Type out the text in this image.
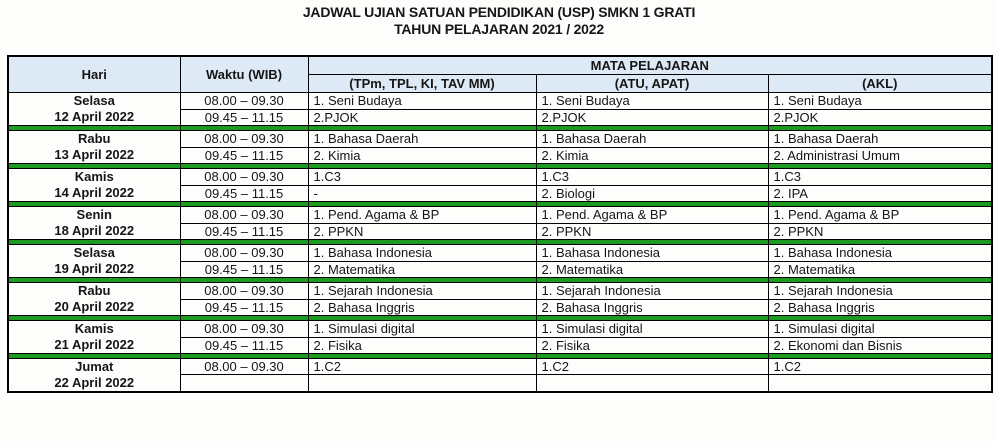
JADWAL UJIAN SATUAN PENDIDIKAN (USP) SMKN 1 GRATI
TAHUN PELAJARAN 2021 / 2022
Hari	Waktu (WIB)	MATA PELAJARAN		
		(TPm, TPL, KI, TAV MM)	(ATU, APAT)	(AKL)

Selasa
12 April 2022	08.00 – 09.30	1. Seni Budaya	1. Seni Budaya	1. Seni Budaya
	09.45 – 11.15	2.PJOK	2.PJOK	2.PJOK

Rabu
13 April 2022	08.00 – 09.30	1. Bahasa Daerah	1. Bahasa Daerah	1. Bahasa Daerah
	09.45 – 11.15	2. Kimia	2. Kimia	2. Administrasi Umum

Kamis
14 April 2022	08.00 – 09.30	1.C3	1.C3	1.C3
	09.45 – 11.15	-	2. Biologi	2. IPA

Senin
18 April 2022	08.00 – 09.30	1. Pend. Agama & BP	1. Pend. Agama & BP	1. Pend. Agama & BP
	09.45 – 11.15	2. PPKN	2. PPKN	2. PPKN

Selasa
19 April 2022	08.00 – 09.30	1. Bahasa Indonesia	1. Bahasa Indonesia	1. Bahasa Indonesia
	09.45 – 11.15	2. Matematika	2. Matematika	2. Matematika

Rabu
20 April 2022	08.00 – 09.30	1. Sejarah Indonesia	1. Sejarah Indonesia	1. Sejarah Indonesia
	09.45 – 11.15	2. Bahasa Inggris	2. Bahasa Inggris	2. Bahasa Inggris

Kamis
21 April 2022	08.00 – 09.30	1. Simulasi digital	1. Simulasi digital	1. Simulasi digital
	09.45 – 11.15	2. Fisika	2. Fisika	2. Ekonomi dan Bisnis

Jumat
22 April 2022	08.00 – 09.30	1.C2	1.C2	1.C2
